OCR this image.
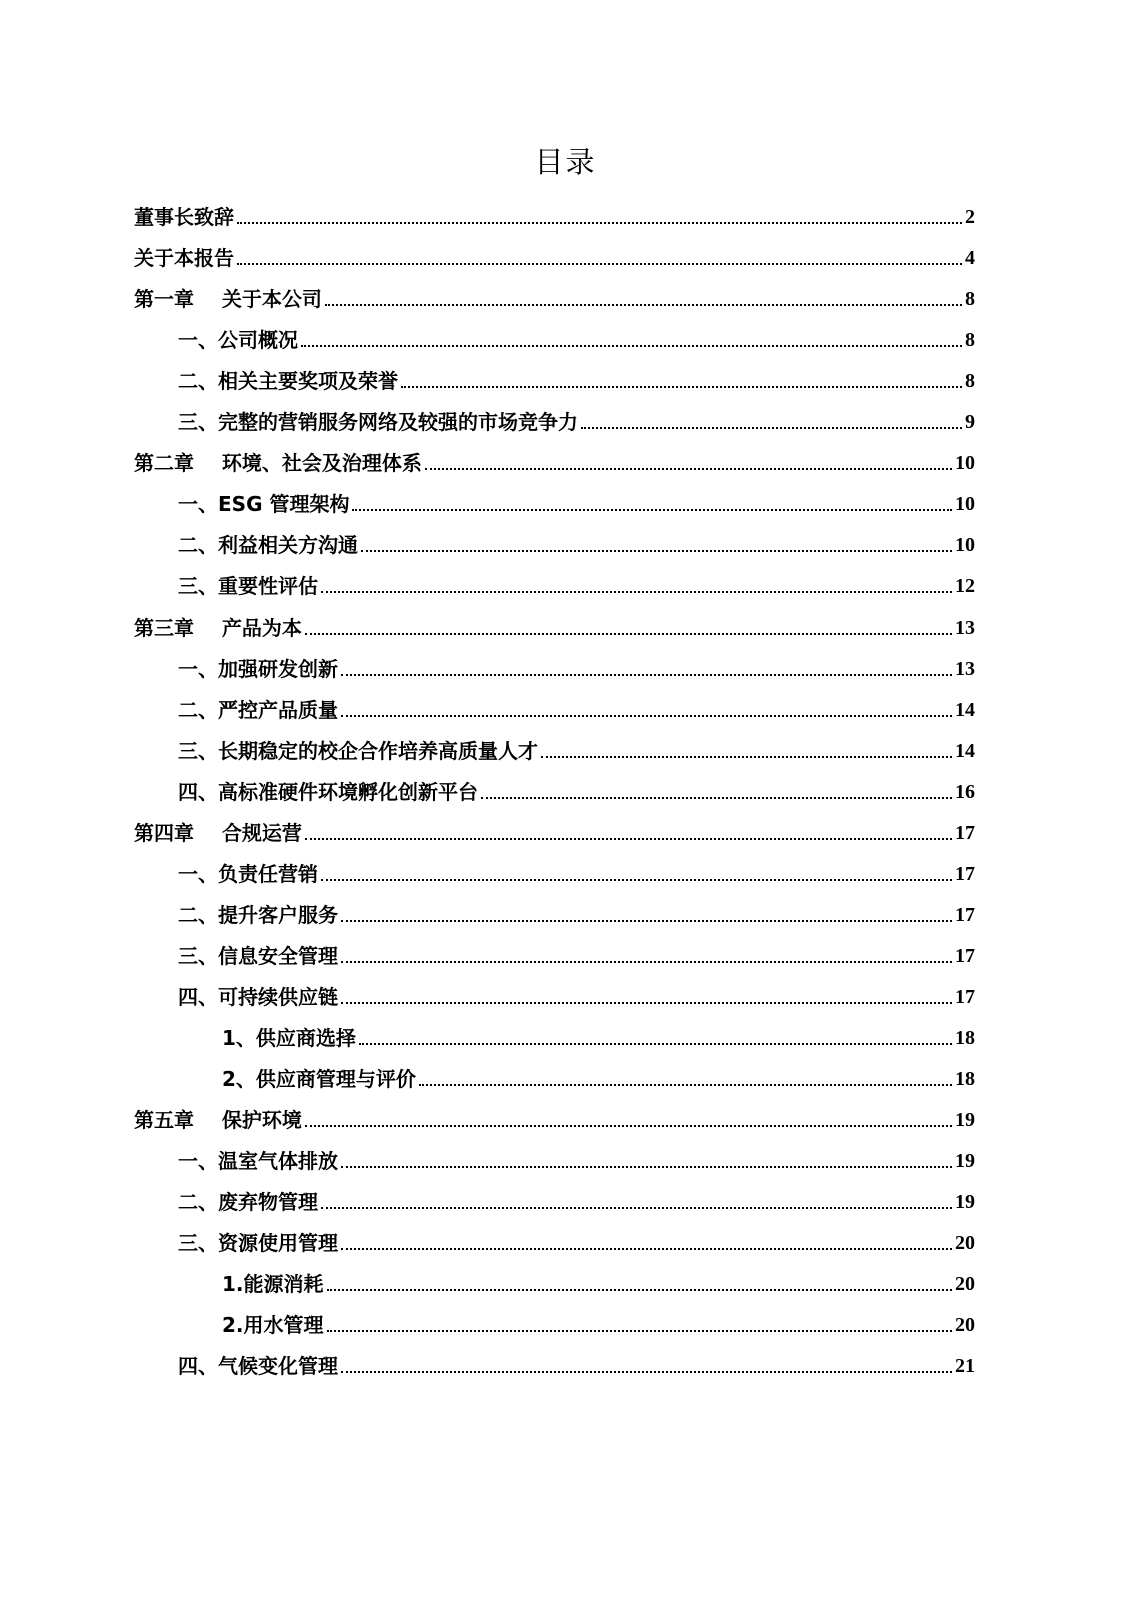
目录
董事长致辞	2
关于本报告	4
第一章    关于本公司	8
一、公司概况	8
二、相关主要奖项及荣誉	8
三、完整的营销服务网络及较强的市场竞争力	9
第二章    环境、社会及治理体系	10
一、ESG 管理架构	10
二、利益相关方沟通	10
三、重要性评估	12
第三章    产品为本	13
一、加强研发创新	13
二、严控产品质量	14
三、长期稳定的校企合作培养高质量人才	14
四、高标准硬件环境孵化创新平台	16
第四章    合规运营	17
一、负责任营销	17
二、提升客户服务	17
三、信息安全管理	17
四、可持续供应链	17
1、供应商选择	18
2、供应商管理与评价	18
第五章    保护环境	19
一、温室气体排放	19
二、废弃物管理	19
三、资源使用管理	20
1.能源消耗	20
2.用水管理	20
四、气候变化管理	21
